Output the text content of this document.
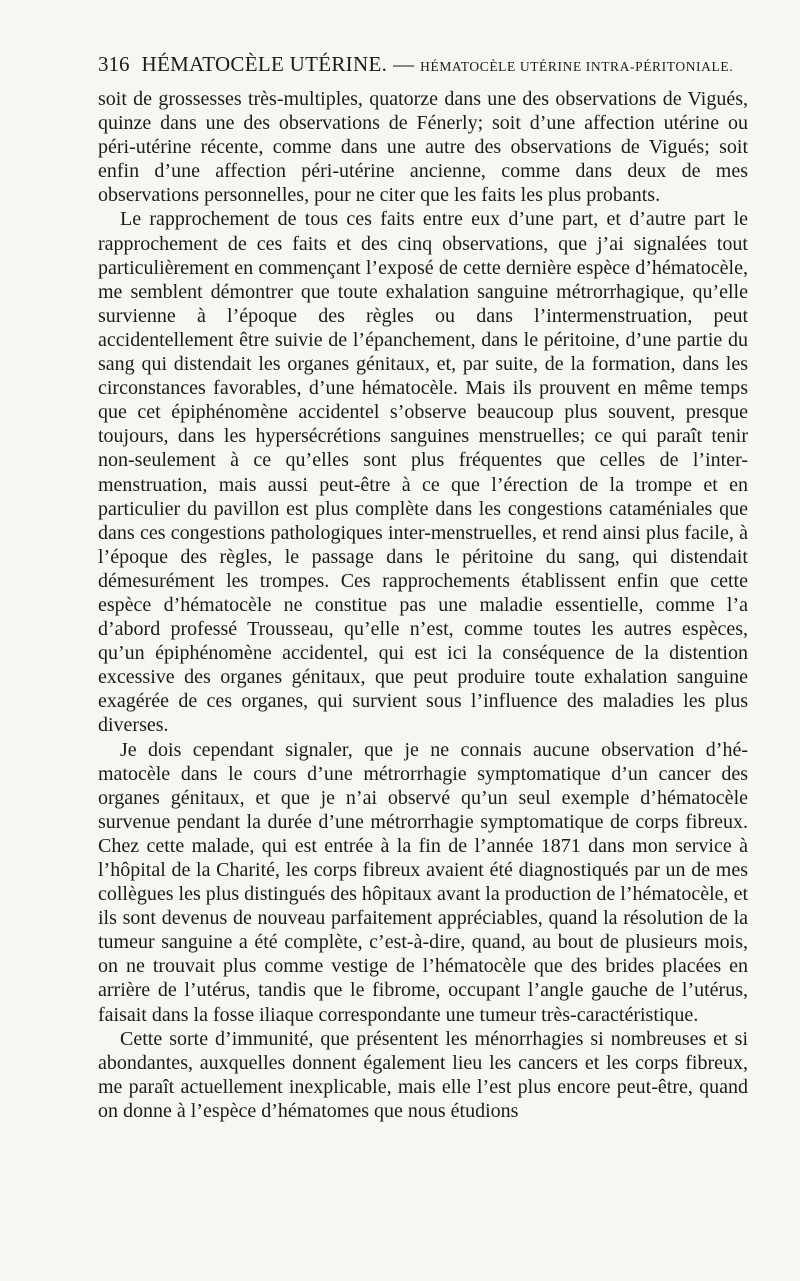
316 HÉMATOCÈLE UTÉRINE. — HÉMATOCÈLE UTÉRINE INTRA-PÉRITONIALE.

soit de grossesses très-multiples, quatorze dans une des observations de Vigués, quinze dans une des observations de Fénerly; soit d’une affection utérine ou péri-utérine récente, comme dans une autre des observations de Vigués; soit enfin d’une affection péri-utérine ancienne, comme dans deux de mes observations personnelles, pour ne citer que les faits les plus probants.

Le rapprochement de tous ces faits entre eux d’une part, et d’autre part le rapprochement de ces faits et des cinq observations, que j’ai signalées tout particulièrement en commençant l’exposé de cette dernière espèce d’hématocèle, me semblent démontrer que toute exhalation sanguine métrorrhagique, qu’elle survienne à l’époque des règles ou dans l’intermenstruation, peut accidentellement être suivie de l’épanchement, dans le péritoine, d’une partie du sang qui distendait les organes génitaux, et, par suite, de la formation, dans les circonstances favorables, d’une hématocèle. Mais ils prouvent en même temps que cet épiphénomène accidentel s’observe beaucoup plus souvent, presque toujours, dans les hypersécrétions sanguines menstruelles; ce qui paraît tenir non-seulement à ce qu’elles sont plus fréquentes que celles de l’inter-menstruation, mais aussi peut-être à ce que l’érection de la trompe et en particulier du pavillon est plus complète dans les congestions cataméniales que dans ces congestions pathologiques inter-menstruelles, et rend ainsi plus facile, à l’époque des règles, le passage dans le péritoine du sang, qui distendait démesurément les trompes. Ces rapprochements établissent enfin que cette espèce d’hématocèle ne constitue pas une maladie essentielle, comme l’a d’abord professé Trousseau, qu’elle n’est, comme toutes les autres espèces, qu’un épiphénomène accidentel, qui est ici la conséquence de la distention excessive des organes génitaux, que peut produire toute exhalation sanguine exagérée de ces organes, qui survient sous l’influence des maladies les plus diverses.

Je dois cependant signaler, que je ne connais aucune observation d’hématocèle dans le cours d’une métrorrhagie symptomatique d’un cancer des organes génitaux, et que je n’ai observé qu’un seul exemple d’hématocèle survenue pendant la durée d’une métrorrhagie symptomatique de corps fibreux. Chez cette malade, qui est entrée à la fin de l’année 1871 dans mon service à l’hôpital de la Charité, les corps fibreux avaient été diagnostiqués par un de mes collègues les plus distingués des hôpitaux avant la production de l’hématocèle, et ils sont devenus de nouveau parfaitement appréciables, quand la résolution de la tumeur sanguine a été complète, c’est-à-dire, quand, au bout de plusieurs mois, on ne trouvait plus comme vestige de l’hématocèle que des brides placées en arrière de l’utérus, tandis que le fibrome, occupant l’angle gauche de l’utérus, faisait dans la fosse iliaque correspondante une tumeur très-caractéristique.

Cette sorte d’immunité, que présentent les ménorrhagies si nombreuses et si abondantes, auxquelles donnent également lieu les cancers et les corps fibreux, me paraît actuellement inexplicable, mais elle l’est plus encore peut-être, quand on donne à l’espèce d’hématomes que nous étudions
